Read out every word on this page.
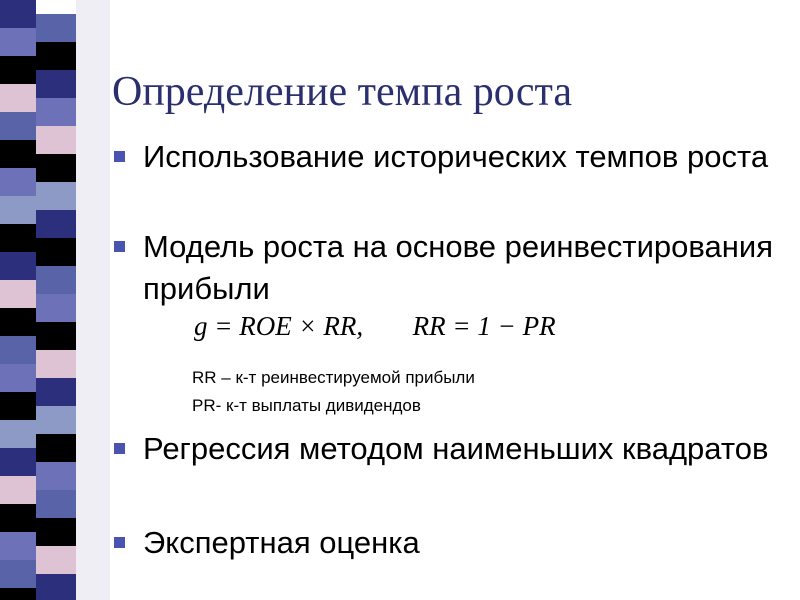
Определение темпа роста
Использование исторических темпов роста
Модель роста на основе реинвестирования прибыли
g = ROE × RR, RR = 1 − PR
RR – к-т реинвестируемой прибыли
PR- к-т выплаты дивидендов
Регрессия методом наименьших квадратов
Экспертная оценка
